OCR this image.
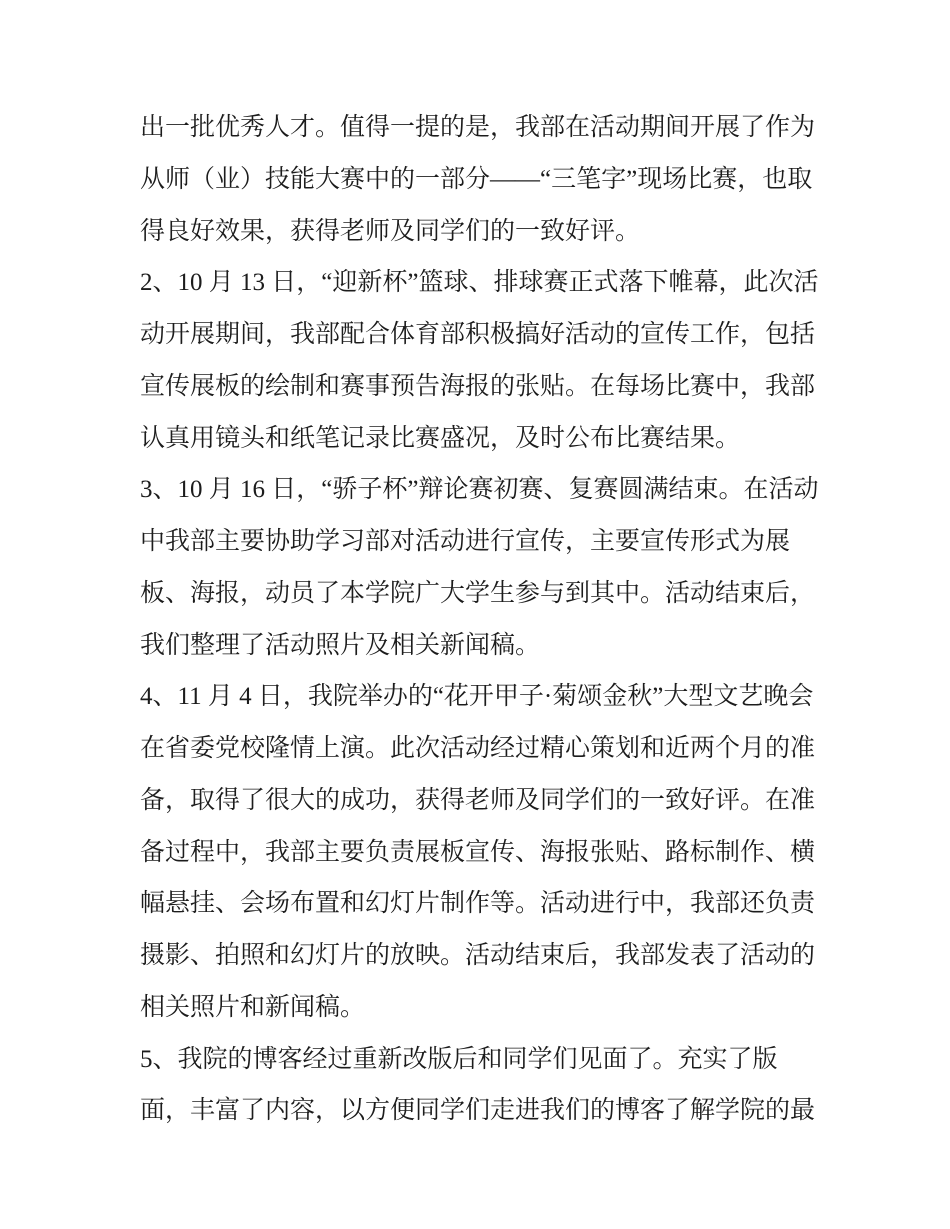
出一批优秀人才。值得一提的是，我部在活动期间开展了作为
从师（业）技能大赛中的一部分——“三笔字”现场比赛，也取
得良好效果，获得老师及同学们的一致好评。
2、10 月 13 日，“迎新杯”篮球、排球赛正式落下帷幕，此次活
动开展期间，我部配合体育部积极搞好活动的宣传工作，包括
宣传展板的绘制和赛事预告海报的张贴。在每场比赛中，我部
认真用镜头和纸笔记录比赛盛况，及时公布比赛结果。
3、10 月 16 日，“骄子杯”辩论赛初赛、复赛圆满结束。在活动
中我部主要协助学习部对活动进行宣传，主要宣传形式为展
板、海报，动员了本学院广大学生参与到其中。活动结束后，
我们整理了活动照片及相关新闻稿。
4、11 月 4 日，我院举办的“花开甲子·菊颂金秋”大型文艺晚会
在省委党校隆情上演。此次活动经过精心策划和近两个月的准
备，取得了很大的成功，获得老师及同学们的一致好评。在准
备过程中，我部主要负责展板宣传、海报张贴、路标制作、横
幅悬挂、会场布置和幻灯片制作等。活动进行中，我部还负责
摄影、拍照和幻灯片的放映。活动结束后，我部发表了活动的
相关照片和新闻稿。
5、我院的博客经过重新改版后和同学们见面了。充实了版
面，丰富了内容，以方便同学们走进我们的博客了解学院的最
